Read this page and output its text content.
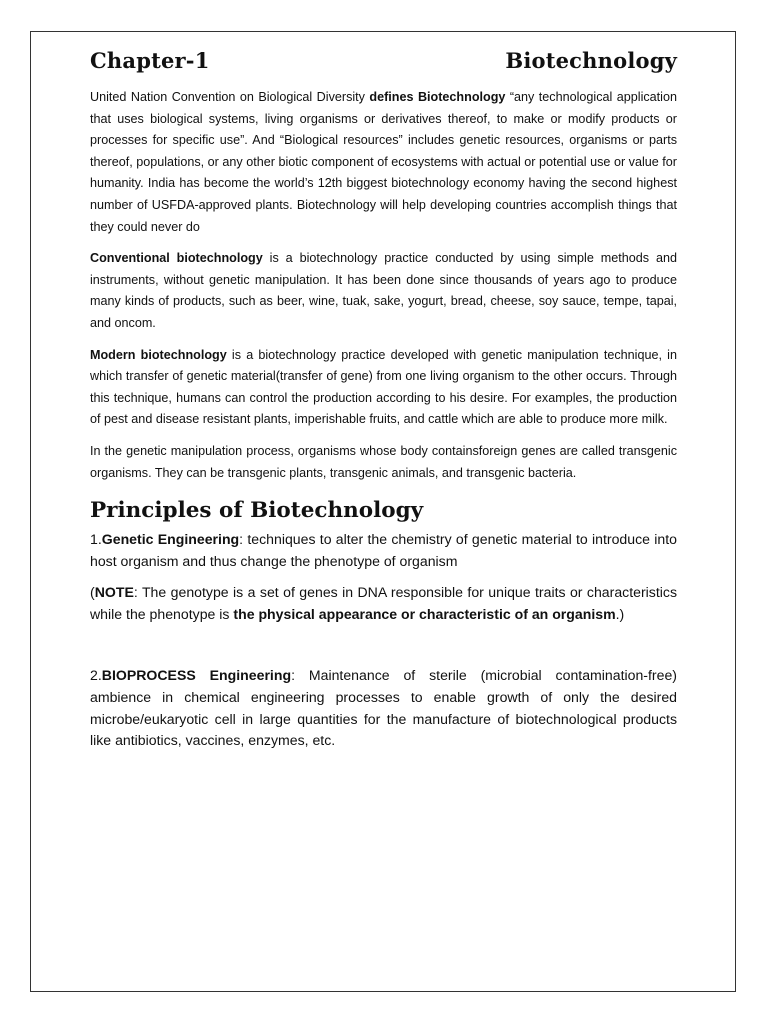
Chapter-1	Biotechnology

United Nation Convention on Biological Diversity defines Biotechnology “any technological application that uses biological systems, living organisms or derivatives thereof, to make or modify products or processes for specific use”. And “Biological resources” includes genetic resources, organisms or parts thereof, populations, or any other biotic component of ecosystems with actual or potential use or value for humanity. India has become the world’s 12th biggest biotechnology economy having the second highest number of USFDA-approved plants. Biotechnology will help developing countries accomplish things that they could never do

Conventional biotechnology is a biotechnology practice conducted by using simple methods and instruments, without genetic manipulation. It has been done since thousands of years ago to produce many kinds of products, such as beer, wine, tuak, sake, yogurt, bread, cheese, soy sauce, tempe, tapai, and oncom.

Modern biotechnology is a biotechnology practice developed with genetic manipulation technique, in which transfer of genetic material(transfer of gene) from one living organism to the other occurs. Through this technique, humans can control the production according to his desire. For examples, the production of pest and disease resistant plants, imperishable fruits, and cattle which are able to produce more milk.

In the genetic manipulation process, organisms whose body containsforeign genes are called transgenic organisms. They can be transgenic plants, transgenic animals, and transgenic bacteria.

Principles of Biotechnology

1.Genetic Engineering: techniques to alter the chemistry of genetic material to introduce into host organism and thus change the phenotype of organism

(NOTE: The genotype is a set of genes in DNA responsible for unique traits or characteristics while the phenotype is the physical appearance or characteristic of an organism.)

2.BIOPROCESS Engineering: Maintenance of sterile (microbial contamination-free) ambience in chemical engineering processes to enable growth of only the desired microbe/eukaryotic cell in large quantities for the manufacture of biotechnological products like antibiotics, vaccines, enzymes, etc.
